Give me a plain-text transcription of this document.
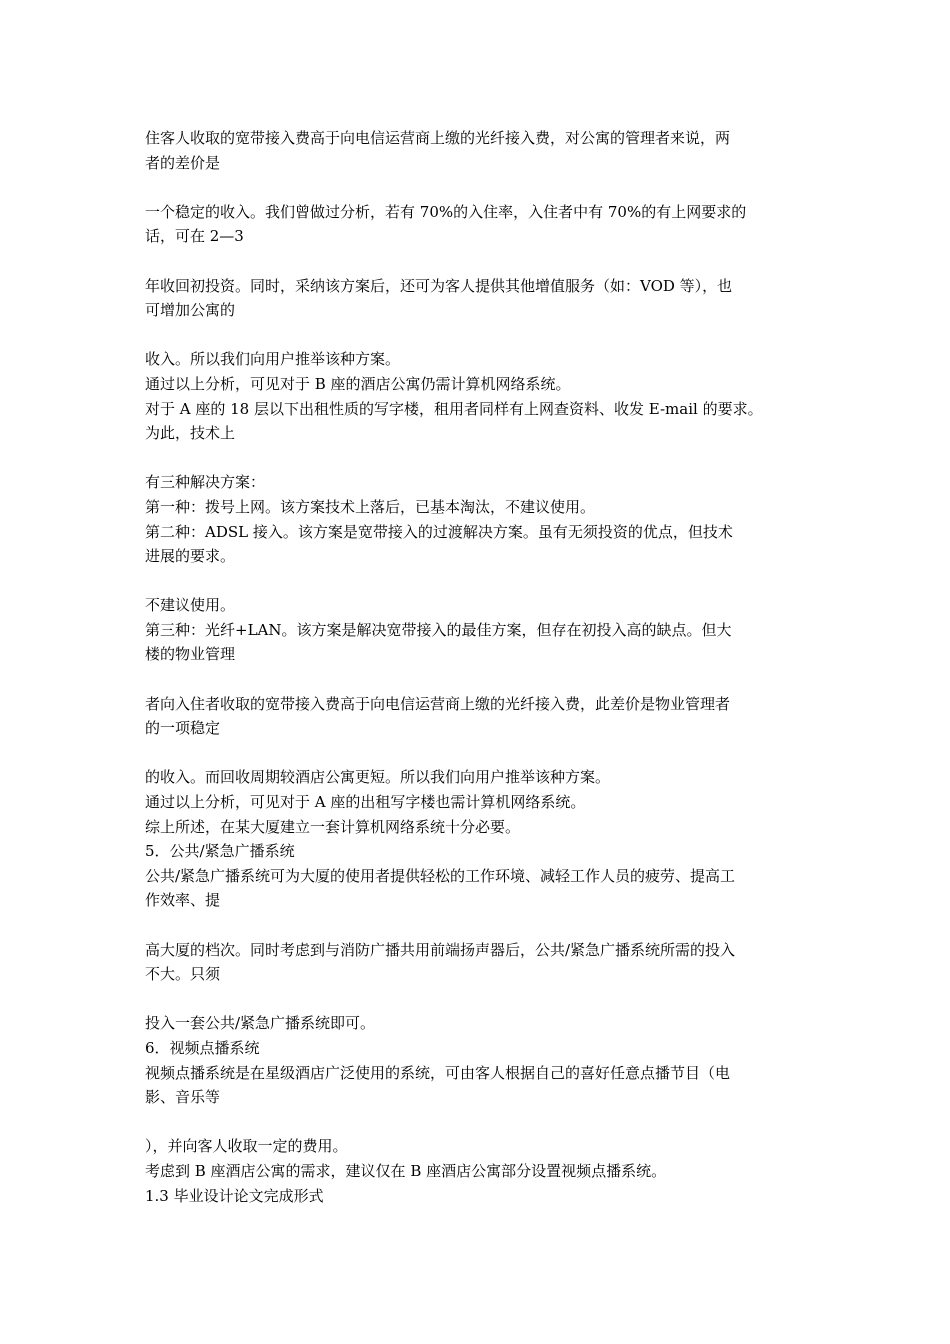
住客人收取的宽带接入费高于向电信运营商上缴的光纤接入费，对公寓的管理者来说，两
者的差价是
一个稳定的收入。我们曾做过分析，若有 70%的入住率，入住者中有 70%的有上网要求的
话，可在 2—3
年收回初投资。同时，采纳该方案后，还可为客人提供其他增值服务（如：VOD 等），也
可增加公寓的
收入。所以我们向用户推举该种方案。
通过以上分析，可见对于 B 座的酒店公寓仍需计算机网络系统。
对于 A 座的 18 层以下出租性质的写字楼，租用者同样有上网查资料、收发 E-mail 的要求。
为此，技术上
有三种解决方案：
第一种：拨号上网。该方案技术上落后，已基本淘汰，不建议使用。
第二种：ADSL 接入。该方案是宽带接入的过渡解决方案。虽有无须投资的优点，但技术
进展的要求。
不建议使用。
第三种：光纤+LAN。该方案是解决宽带接入的最佳方案，但存在初投入高的缺点。但大
楼的物业管理
者向入住者收取的宽带接入费高于向电信运营商上缴的光纤接入费，此差价是物业管理者
的一项稳定
的收入。而回收周期较酒店公寓更短。所以我们向用户推举该种方案。
通过以上分析，可见对于 A 座的出租写字楼也需计算机网络系统。
综上所述，在某大厦建立一套计算机网络系统十分必要。
5．公共/紧急广播系统
公共/紧急广播系统可为大厦的使用者提供轻松的工作环境、减轻工作人员的疲劳、提高工
作效率、提
高大厦的档次。同时考虑到与消防广播共用前端扬声器后，公共/紧急广播系统所需的投入
不大。只须
投入一套公共/紧急广播系统即可。
6．视频点播系统
视频点播系统是在星级酒店广泛使用的系统，可由客人根据自己的喜好任意点播节目（电
影、音乐等
），并向客人收取一定的费用。
考虑到 B 座酒店公寓的需求，建议仅在 B 座酒店公寓部分设置视频点播系统。
1.3 毕业设计论文完成形式
